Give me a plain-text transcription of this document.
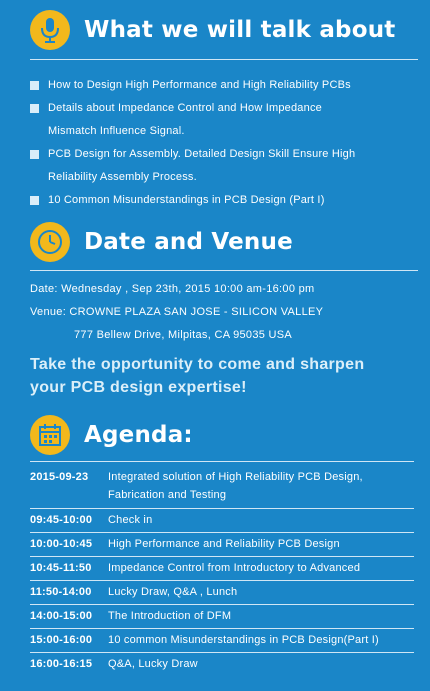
What we will talk about
How to Design High Performance and High Reliability PCBs
Details about Impedance Control and How Impedance
Mismatch Influence Signal.
PCB Design for Assembly. Detailed Design Skill Ensure High
Reliability Assembly Process.
10 Common Misunderstandings in PCB Design (Part I)
Date and Venue
Date: Wednesday , Sep 23th, 2015 10:00 am-16:00 pm
Venue: CROWNE PLAZA SAN JOSE - SILICON VALLEY
777 Bellew Drive, Milpitas, CA 95035 USA
Take the opportunity to come and sharpen
your PCB design expertise!
Agenda:
2015-09-23	Integrated solution of High Reliability PCB Design,
Fabrication and Testing
09:45-10:00	Check in
10:00-10:45	High Performance and Reliability PCB Design
10:45-11:50	Impedance Control from Introductory to Advanced
11:50-14:00	Lucky Draw, Q&A , Lunch
14:00-15:00	The Introduction of DFM
15:00-16:00	10 common Misunderstandings in PCB Design(Part I)
16:00-16:15	Q&A, Lucky Draw
